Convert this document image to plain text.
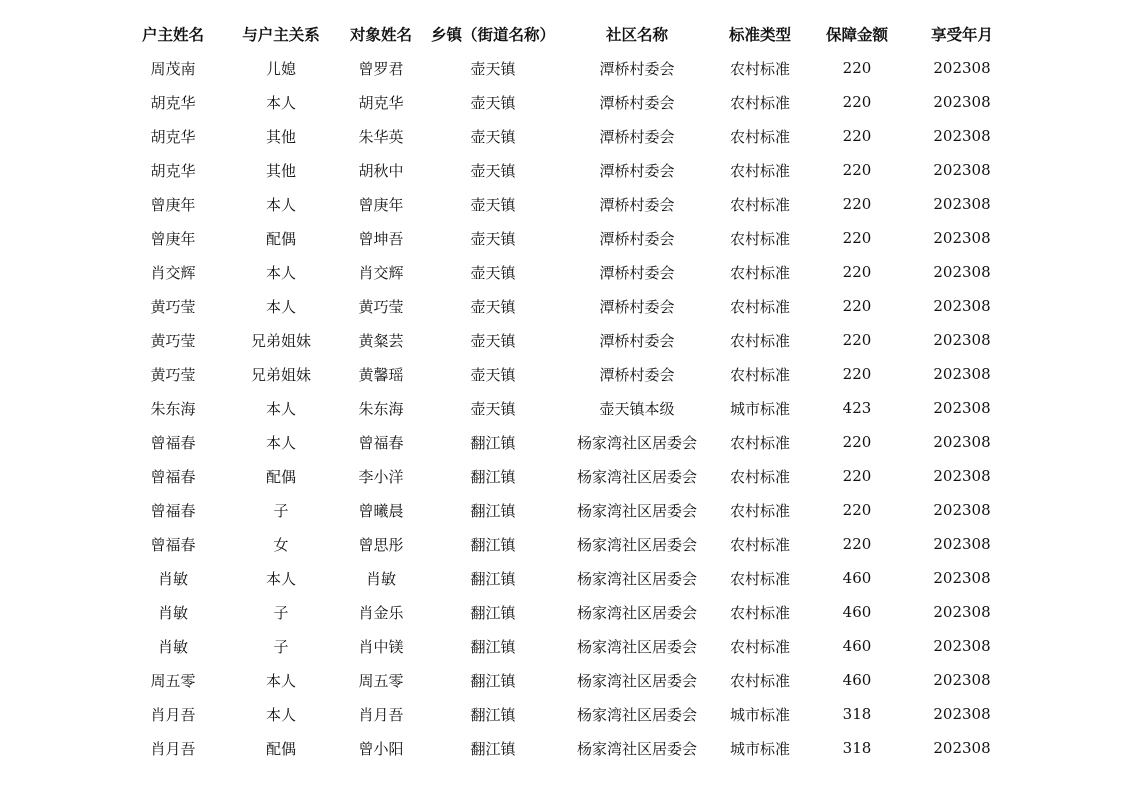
户主姓名	与户主关系	对象姓名	乡镇（街道名称）	社区名称	标准类型	保障金额	享受年月
周茂南	儿媳	曾罗君	壶天镇	潭桥村委会	农村标准	220	202308
胡克华	本人	胡克华	壶天镇	潭桥村委会	农村标准	220	202308
胡克华	其他	朱华英	壶天镇	潭桥村委会	农村标准	220	202308
胡克华	其他	胡秋中	壶天镇	潭桥村委会	农村标准	220	202308
曾庚年	本人	曾庚年	壶天镇	潭桥村委会	农村标准	220	202308
曾庚年	配偶	曾坤吾	壶天镇	潭桥村委会	农村标准	220	202308
肖交辉	本人	肖交辉	壶天镇	潭桥村委会	农村标准	220	202308
黄巧莹	本人	黄巧莹	壶天镇	潭桥村委会	农村标准	220	202308
黄巧莹	兄弟姐妹	黄粲芸	壶天镇	潭桥村委会	农村标准	220	202308
黄巧莹	兄弟姐妹	黄馨瑶	壶天镇	潭桥村委会	农村标准	220	202308
朱东海	本人	朱东海	壶天镇	壶天镇本级	城市标准	423	202308
曾福春	本人	曾福春	翻江镇	杨家湾社区居委会	农村标准	220	202308
曾福春	配偶	李小洋	翻江镇	杨家湾社区居委会	农村标准	220	202308
曾福春	子	曾曦晨	翻江镇	杨家湾社区居委会	农村标准	220	202308
曾福春	女	曾思彤	翻江镇	杨家湾社区居委会	农村标准	220	202308
肖敏	本人	肖敏	翻江镇	杨家湾社区居委会	农村标准	460	202308
肖敏	子	肖金乐	翻江镇	杨家湾社区居委会	农村标准	460	202308
肖敏	子	肖中镁	翻江镇	杨家湾社区居委会	农村标准	460	202308
周五零	本人	周五零	翻江镇	杨家湾社区居委会	农村标准	460	202308
肖月吾	本人	肖月吾	翻江镇	杨家湾社区居委会	城市标准	318	202308
肖月吾	配偶	曾小阳	翻江镇	杨家湾社区居委会	城市标准	318	202308
